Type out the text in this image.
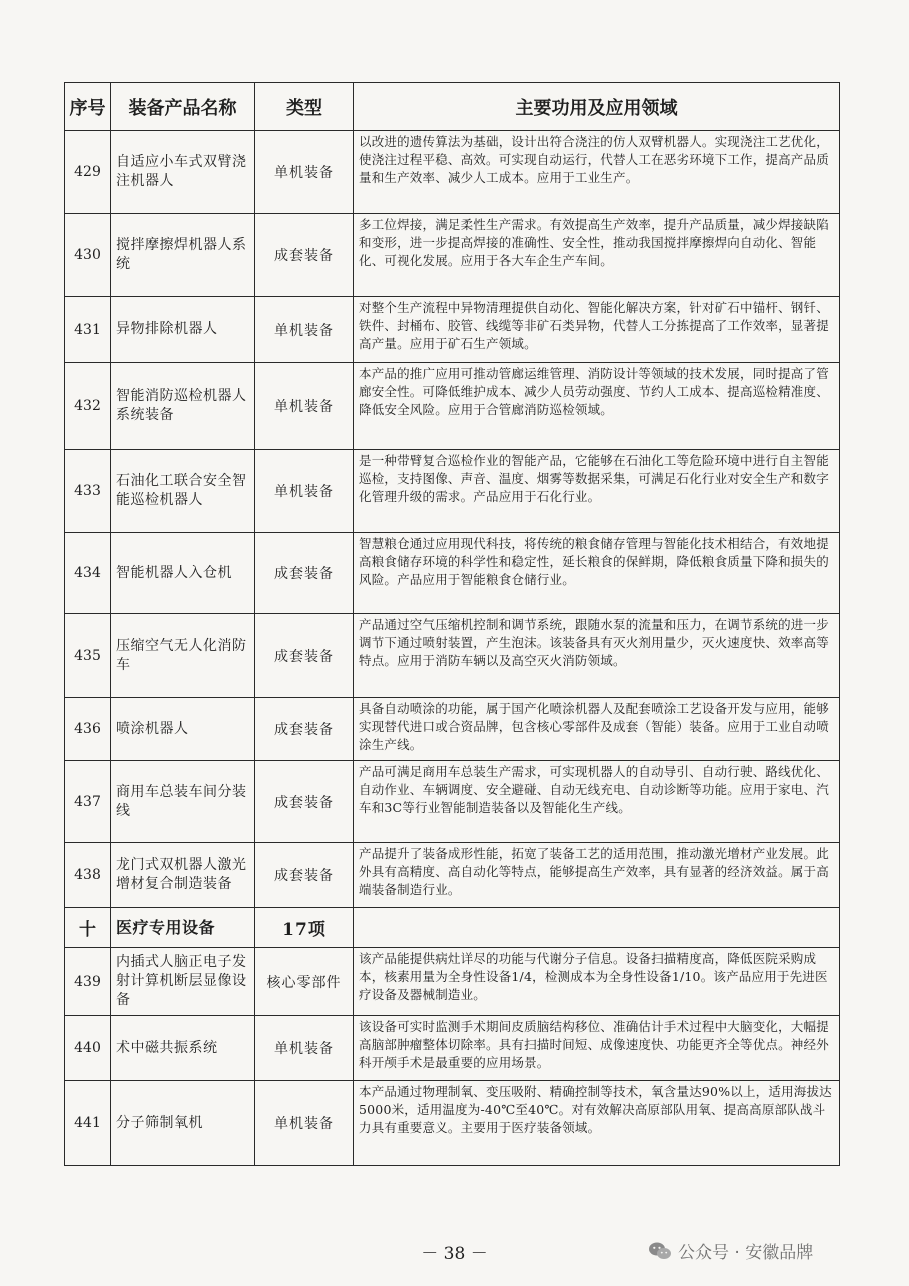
序号	装备产品名称	类型	主要功用及应用领域
429	自适应小车式双臂浇注机器人	单机装备	以改进的遗传算法为基础，设计出符合浇注的仿人双臂机器人。实现浇注工艺优化，使浇注过程平稳、高效。可实现自动运行，代替人工在恶劣环境下工作，提高产品质量和生产效率、减少人工成本。应用于工业生产。
430	搅拌摩擦焊机器人系统	成套装备	多工位焊接，满足柔性生产需求。有效提高生产效率，提升产品质量，减少焊接缺陷和变形，进一步提高焊接的准确性、安全性，推动我国搅拌摩擦焊向自动化、智能化、可视化发展。应用于各大车企生产车间。
431	异物排除机器人	单机装备	对整个生产流程中异物清理提供自动化、智能化解决方案，针对矿石中锚杆、钢钎、铁件、封桶布、胶管、线缆等非矿石类异物，代替人工分拣提高了工作效率，显著提高产量。应用于矿石生产领域。
432	智能消防巡检机器人系统装备	单机装备	本产品的推广应用可推动管廊运维管理、消防设计等领域的技术发展，同时提高了管廊安全性。可降低维护成本、减少人员劳动强度、节约人工成本、提高巡检精准度、降低安全风险。应用于合管廊消防巡检领域。
433	石油化工联合安全智能巡检机器人	单机装备	是一种带臂复合巡检作业的智能产品，它能够在石油化工等危险环境中进行自主智能巡检，支持图像、声音、温度、烟雾等数据采集，可满足石化行业对安全生产和数字化管理升级的需求。产品应用于石化行业。
434	智能机器人入仓机	成套装备	智慧粮仓通过应用现代科技，将传统的粮食储存管理与智能化技术相结合，有效地提高粮食储存环境的科学性和稳定性，延长粮食的保鲜期，降低粮食质量下降和损失的风险。产品应用于智能粮食仓储行业。
435	压缩空气无人化消防车	成套装备	产品通过空气压缩机控制和调节系统，跟随水泵的流量和压力，在调节系统的进一步调节下通过喷射装置，产生泡沫。该装备具有灭火剂用量少，灭火速度快、效率高等特点。应用于消防车辆以及高空灭火消防领域。
436	喷涂机器人	成套装备	具备自动喷涂的功能，属于国产化喷涂机器人及配套喷涂工艺设备开发与应用，能够实现替代进口或合资品牌，包含核心零部件及成套（智能）装备。应用于工业自动喷涂生产线。
437	商用车总装车间分装线	成套装备	产品可满足商用车总装生产需求，可实现机器人的自动导引、自动行驶、路线优化、自动作业、车辆调度、安全避碰、自动无线充电、自动诊断等功能。应用于家电、汽车和3C等行业智能制造装备以及智能化生产线。
438	龙门式双机器人激光增材复合制造装备	成套装备	产品提升了装备成形性能，拓宽了装备工艺的适用范围，推动激光增材产业发展。此外具有高精度、高自动化等特点，能够提高生产效率，具有显著的经济效益。属于高端装备制造行业。
十	医疗专用设备	17项	
439	内插式人脑正电子发射计算机断层显像设备	核心零部件	该产品能提供病灶详尽的功能与代谢分子信息。设备扫描精度高，降低医院采购成本，核素用量为全身性设备1/4，检测成本为全身性设备1/10。该产品应用于先进医疗设备及器械制造业。
440	术中磁共振系统	单机装备	该设备可实时监测手术期间皮质脑结构移位、准确估计手术过程中大脑变化，大幅提高脑部肿瘤整体切除率。具有扫描时间短、成像速度快、功能更齐全等优点。神经外科开颅手术是最重要的应用场景。
441	分子筛制氧机	单机装备	本产品通过物理制氧、变压吸附、精确控制等技术，氧含量达90%以上，适用海拔达5000米，适用温度为-40℃至40℃。对有效解决高原部队用氧、提高高原部队战斗力具有重要意义。主要用于医疗装备领域。
－ 38 －	公众号 · 安徽品牌
